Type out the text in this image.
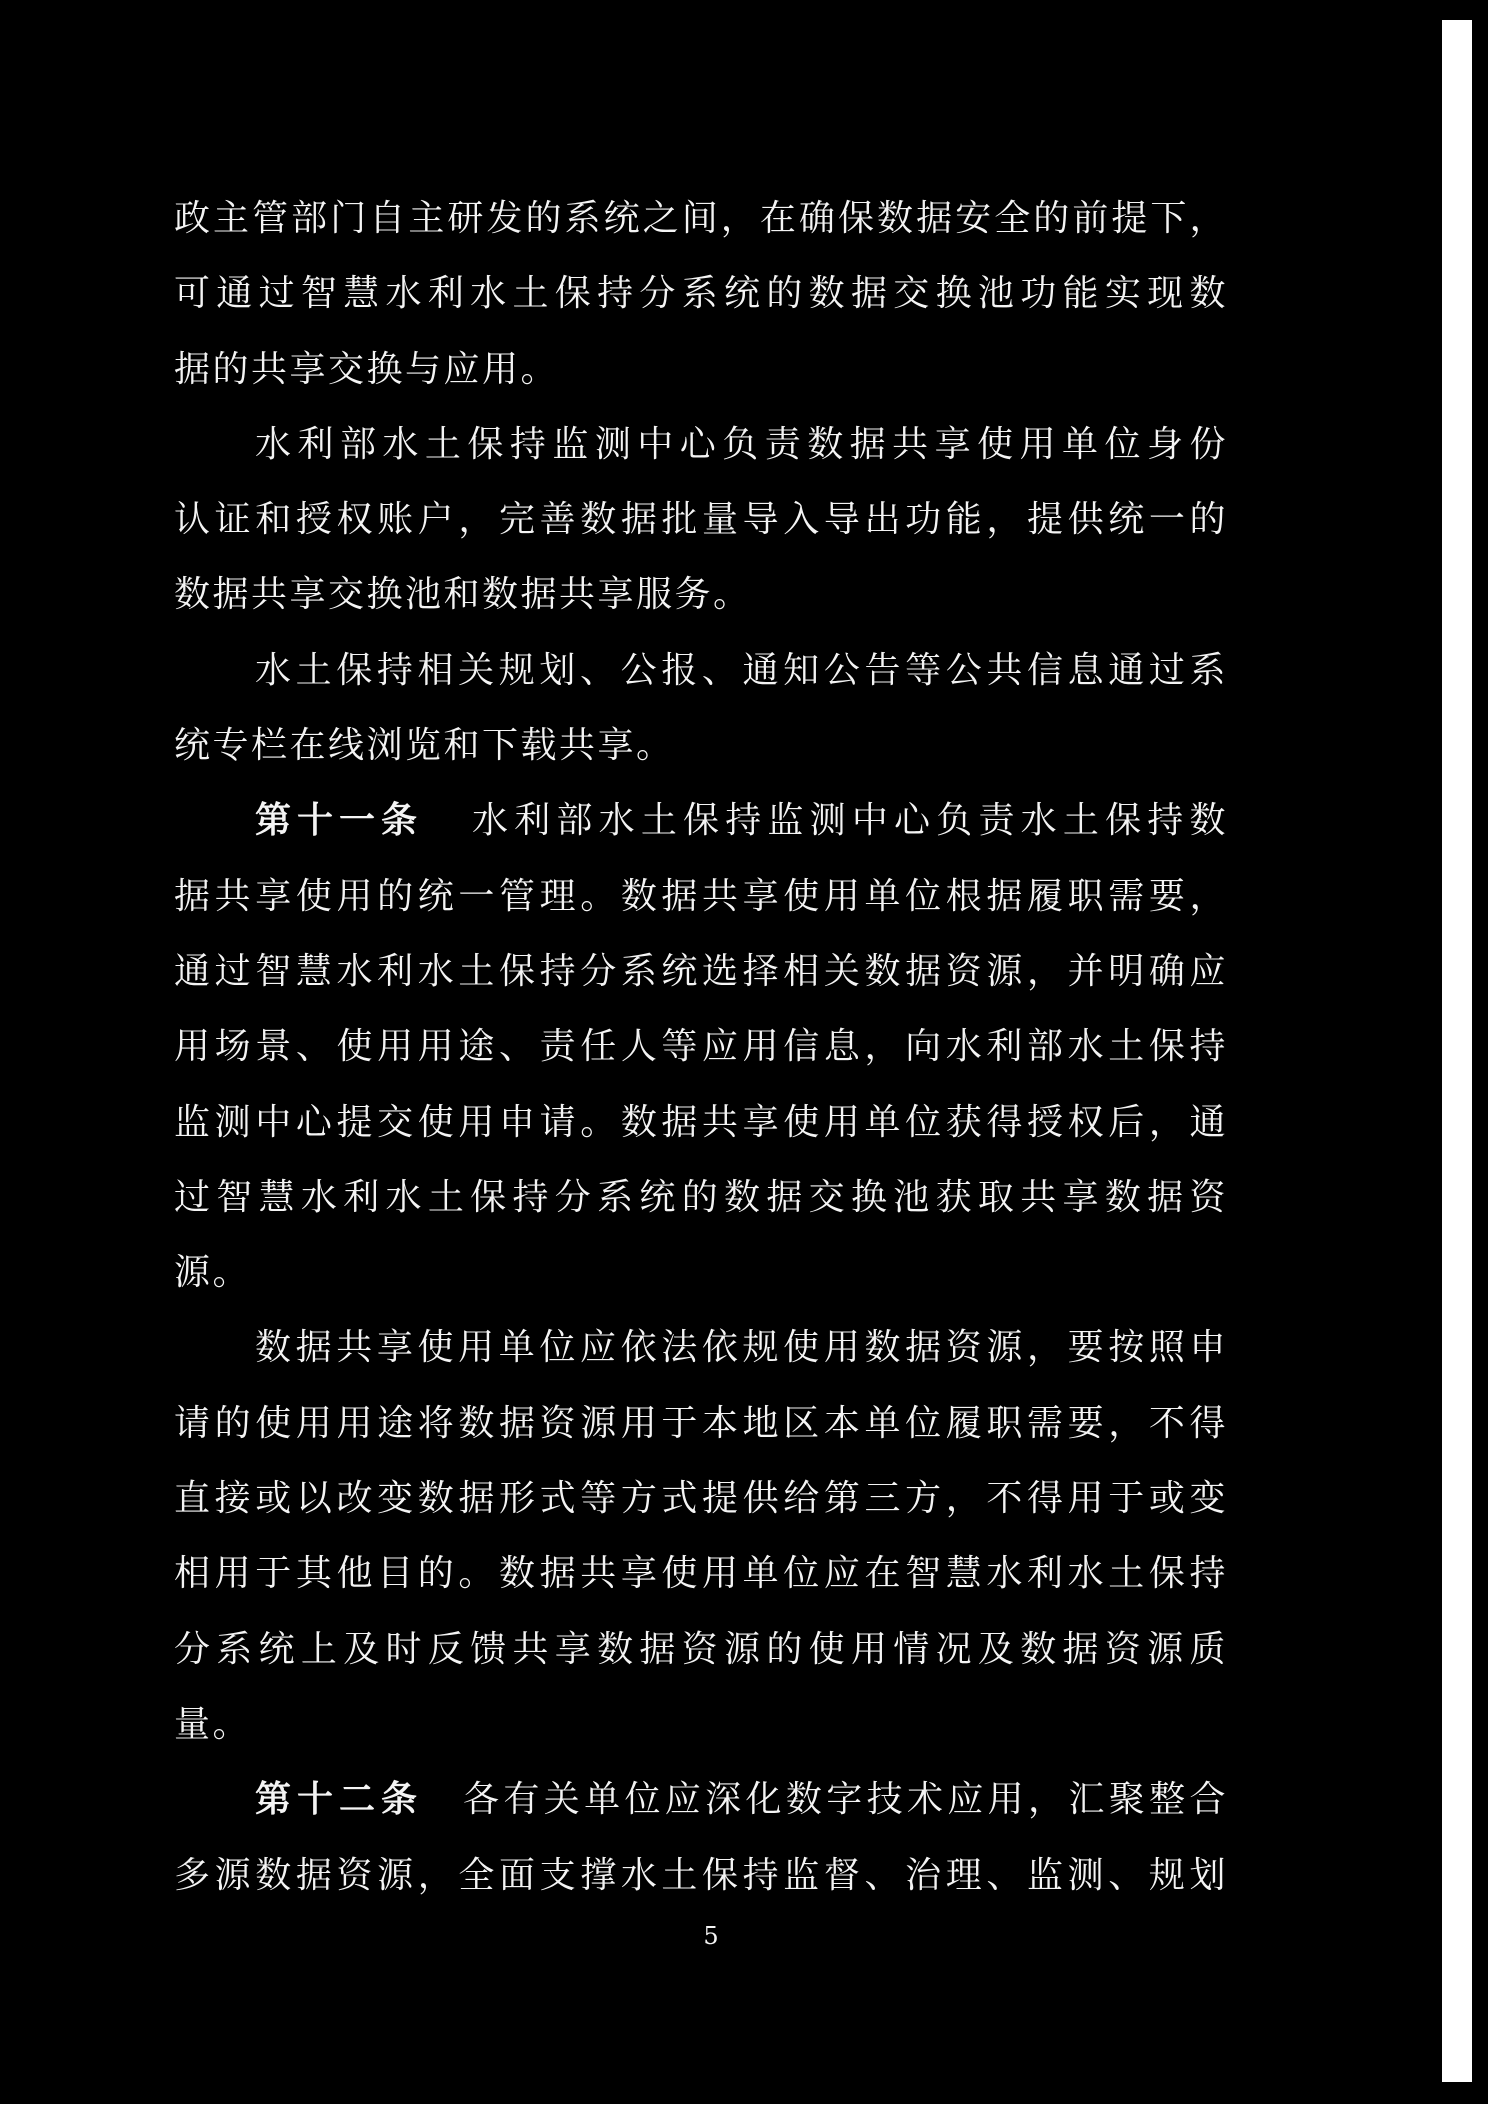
政主管部门自主研发的系统之间，在确保数据安全的前提下，
可通过智慧水利水土保持分系统的数据交换池功能实现数
据的共享交换与应用。
水利部水土保持监测中心负责数据共享使用单位身份
认证和授权账户，完善数据批量导入导出功能，提供统一的
数据共享交换池和数据共享服务。
水土保持相关规划、公报、通知公告等公共信息通过系
统专栏在线浏览和下载共享。
第十一条 水利部水土保持监测中心负责水土保持数
据共享使用的统一管理。数据共享使用单位根据履职需要，
通过智慧水利水土保持分系统选择相关数据资源，并明确应
用场景、使用用途、责任人等应用信息，向水利部水土保持
监测中心提交使用申请。数据共享使用单位获得授权后，通
过智慧水利水土保持分系统的数据交换池获取共享数据资
源。
数据共享使用单位应依法依规使用数据资源，要按照申
请的使用用途将数据资源用于本地区本单位履职需要，不得
直接或以改变数据形式等方式提供给第三方，不得用于或变
相用于其他目的。数据共享使用单位应在智慧水利水土保持
分系统上及时反馈共享数据资源的使用情况及数据资源质
量。
第十二条 各有关单位应深化数字技术应用，汇聚整合
多源数据资源，全面支撑水土保持监督、治理、监测、规划
5
